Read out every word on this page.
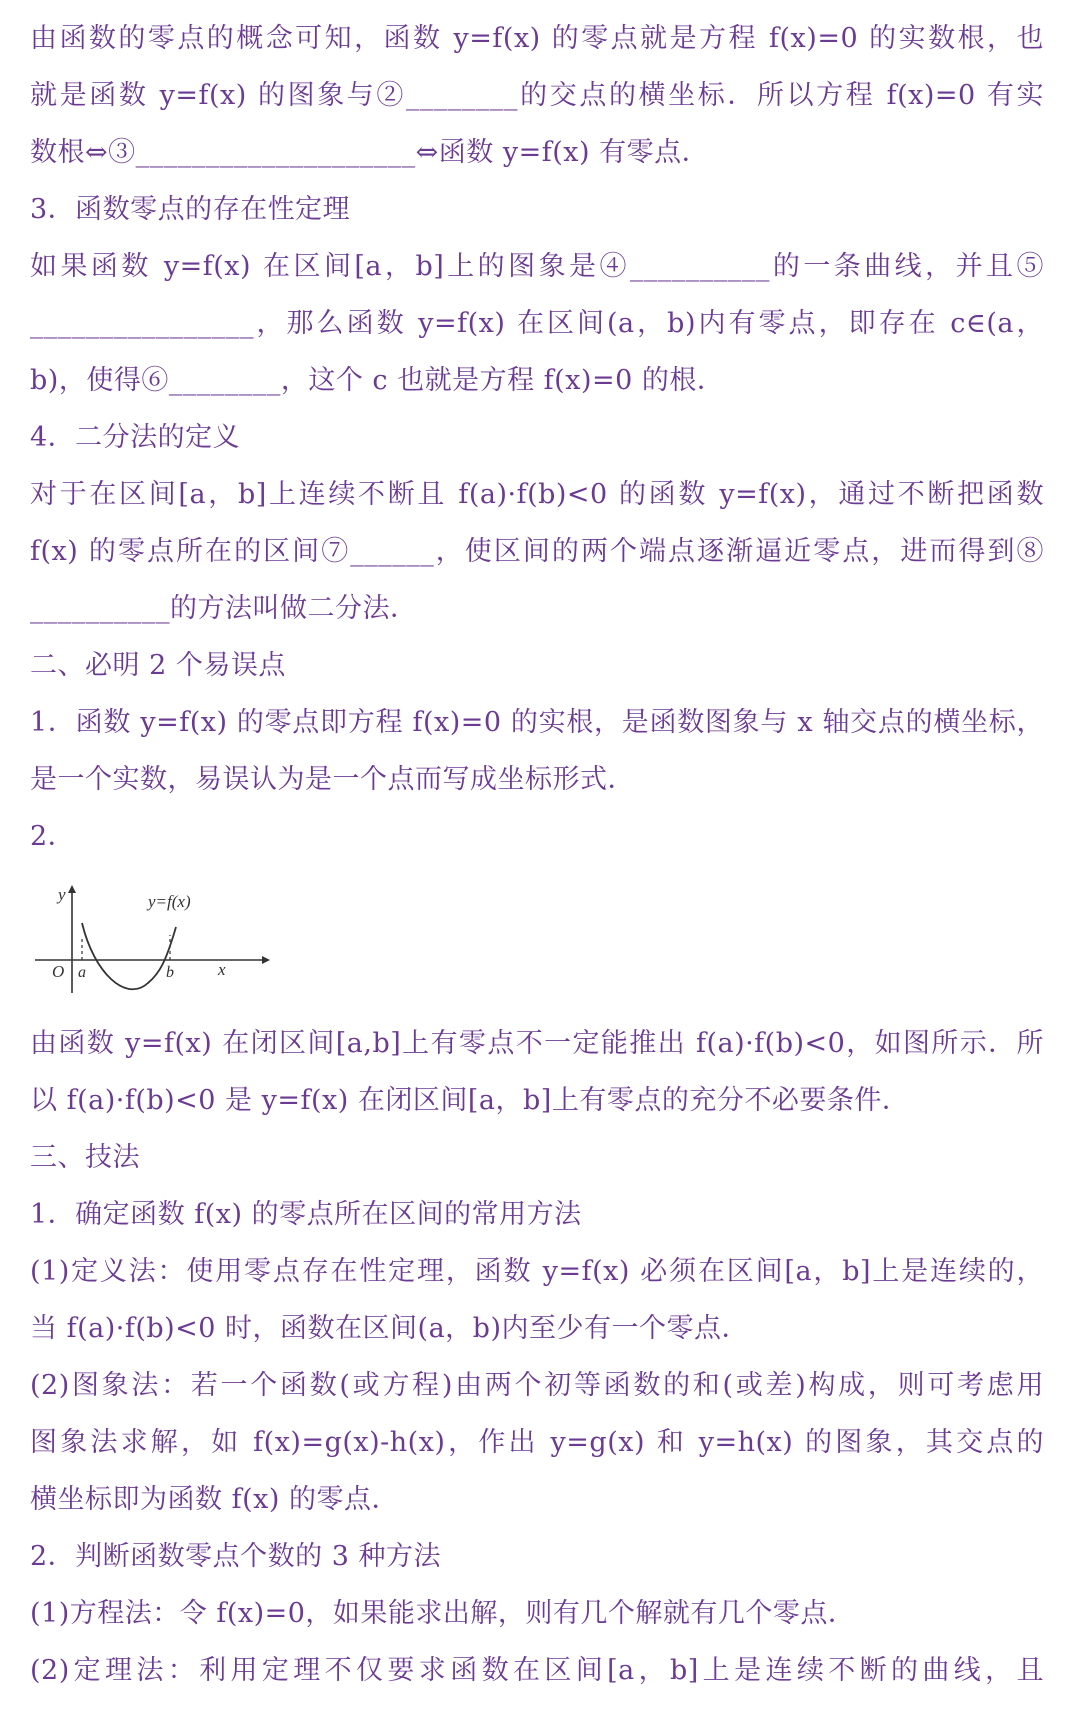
由函数的零点的概念可知，函数 y=f(x) 的零点就是方程 f(x)=0 的实数根，也
就是函数 y=f(x) 的图象与②________的交点的横坐标．所以方程 f(x)=0 有实
数根⇔③____________________⇔函数 y=f(x) 有零点．
3．函数零点的存在性定理
如果函数 y=f(x) 在区间[a，b]上的图象是④__________的一条曲线，并且⑤
________________，那么函数 y=f(x) 在区间(a，b)内有零点，即存在 c∈(a，
b)，使得⑥________，这个 c 也就是方程 f(x)=0 的根．
4．二分法的定义
对于在区间[a，b]上连续不断且 f(a)·f(b)<0 的函数 y=f(x)，通过不断把函数
f(x) 的零点所在的区间⑦______，使区间的两个端点逐渐逼近零点，进而得到⑧
__________的方法叫做二分法．
二、必明 2 个易误点
1．函数 y=f(x) 的零点即方程 f(x)=0 的实根，是函数图象与 x 轴交点的横坐标，
是一个实数，易误认为是一个点而写成坐标形式．
2．
y
x
O a	b
y=f(x)
由函数 y=f(x) 在闭区间[a,b]上有零点不一定能推出 f(a)·f(b)<0，如图所示．所
以 f(a)·f(b)<0 是 y=f(x) 在闭区间[a，b]上有零点的充分不必要条件．
三、技法
1．确定函数 f(x) 的零点所在区间的常用方法
(1)定义法：使用零点存在性定理，函数 y=f(x) 必须在区间[a，b]上是连续的，
当 f(a)·f(b)<0 时，函数在区间(a，b)内至少有一个零点．
(2)图象法：若一个函数(或方程)由两个初等函数的和(或差)构成，则可考虑用
图象法求解，如 f(x)=g(x)-h(x)，作出 y=g(x) 和 y=h(x) 的图象，其交点的
横坐标即为函数 f(x) 的零点．
2．判断函数零点个数的 3 种方法
(1)方程法：令 f(x)=0，如果能求出解，则有几个解就有几个零点．
(2)定理法：利用定理不仅要求函数在区间[a，b]上是连续不断的曲线，且
